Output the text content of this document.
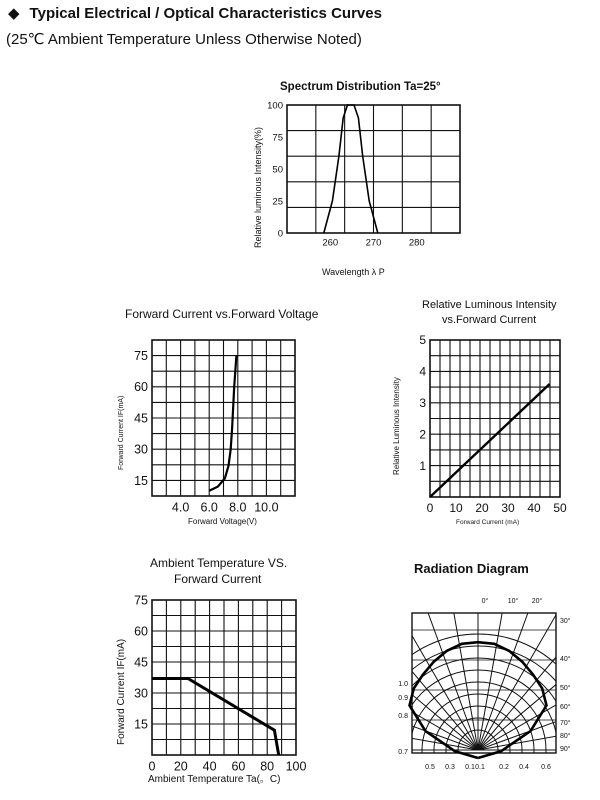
◆ Typical Electrical / Optical Characteristics Curves
(25℃ Ambient Temperature Unless Otherwise Noted)
Spectrum Distribution Ta=25°
0
25
50
75
100
260	270	280
Wavelength λ P
Relative luminous Intensity(%)
Forward Current vs.Forward Voltage
15
30
45
60
75
4.0 6.0 8.0 10.0
Forward Voltage(V)
Forward Current IF(mA)
Relative Luminous Intensity
vs.Forward Current
1
2
3
4
5
0 10 20 30 40 50
Forward Current (mA)
Relative Luminous Intensity
Ambient Temperature VS.
Forward Current
15
30
45
60
75
0 20 40 60 80 100
Ambient Temperature Ta(。C)
Forward Current IF(mA)
Radiation Diagram
0°	10° 20°
30°
40°
50°
60°
70°
80°
90°
1.0
0.9
0.8
0.7
0.5 0.3 0.1 0.1 0.2 0.4 0.6
